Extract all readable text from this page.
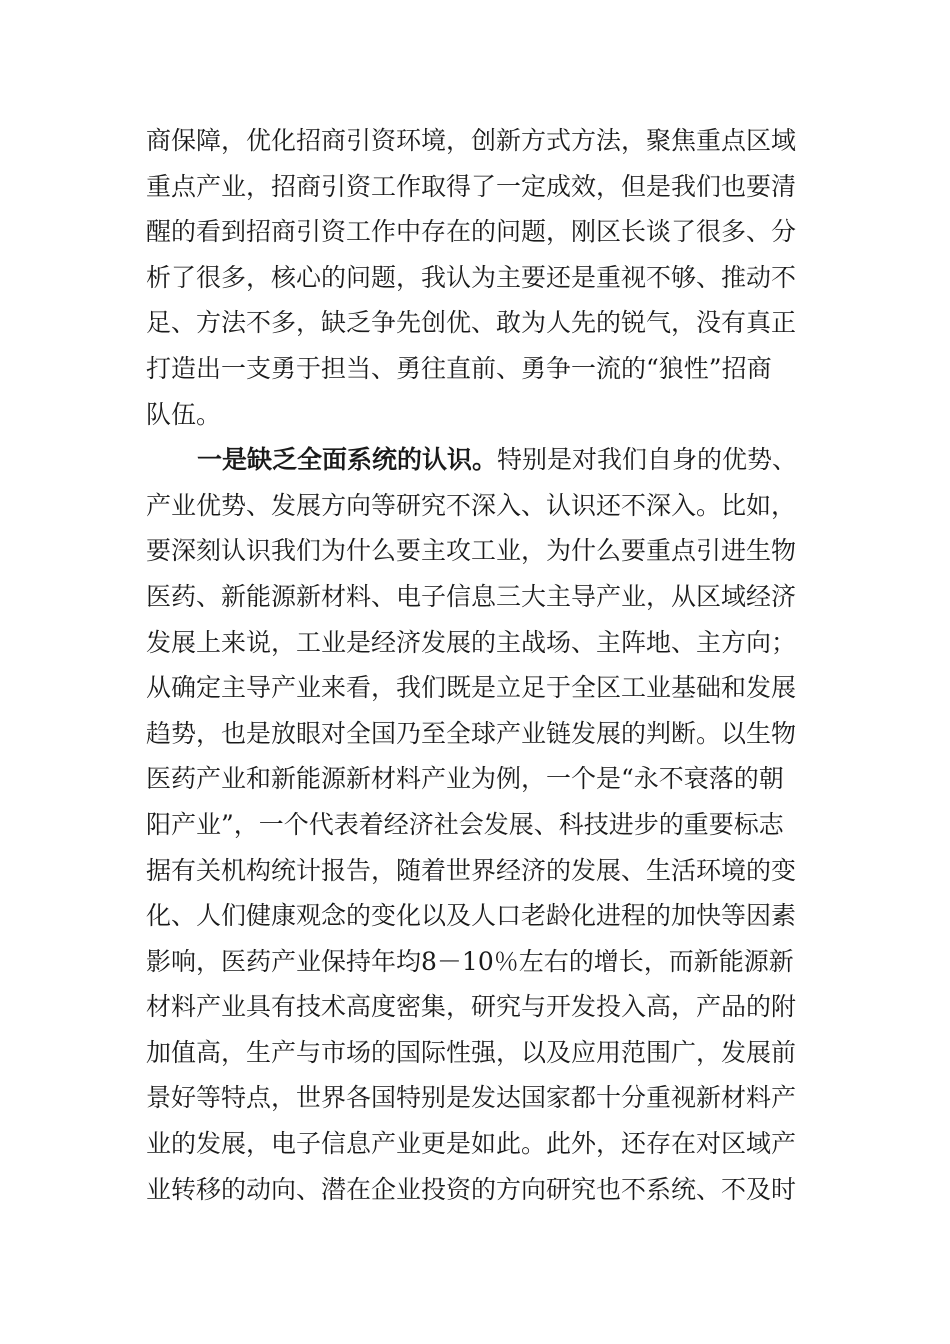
商保障，优化招商引资环境，创新方式方法，聚焦重点区域
重点产业，招商引资工作取得了一定成效，但是我们也要清
醒的看到招商引资工作中存在的问题，刚区长谈了很多、分
析了很多，核心的问题，我认为主要还是重视不够、推动不
足、方法不多，缺乏争先创优、敢为人先的锐气，没有真正
打造出一支勇于担当、勇往直前、勇争一流的“狼性”招商
队伍。
一是缺乏全面系统的认识。特别是对我们自身的优势、
产业优势、发展方向等研究不深入、认识还不深入。比如，
要深刻认识我们为什么要主攻工业，为什么要重点引进生物
医药、新能源新材料、电子信息三大主导产业，从区域经济
发展上来说，工业是经济发展的主战场、主阵地、主方向；
从确定主导产业来看，我们既是立足于全区工业基础和发展
趋势，也是放眼对全国乃至全球产业链发展的判断。以生物
医药产业和新能源新材料产业为例，一个是“永不衰落的朝
阳产业”，一个代表着经济社会发展、科技进步的重要标志
据有关机构统计报告，随着世界经济的发展、生活环境的变
化、人们健康观念的变化以及人口老龄化进程的加快等因素
影响，医药产业保持年均8－10％左右的增长，而新能源新
材料产业具有技术高度密集，研究与开发投入高，产品的附
加值高，生产与市场的国际性强，以及应用范围广，发展前
景好等特点，世界各国特别是发达国家都十分重视新材料产
业的发展，电子信息产业更是如此。此外，还存在对区域产
业转移的动向、潜在企业投资的方向研究也不系统、不及时
